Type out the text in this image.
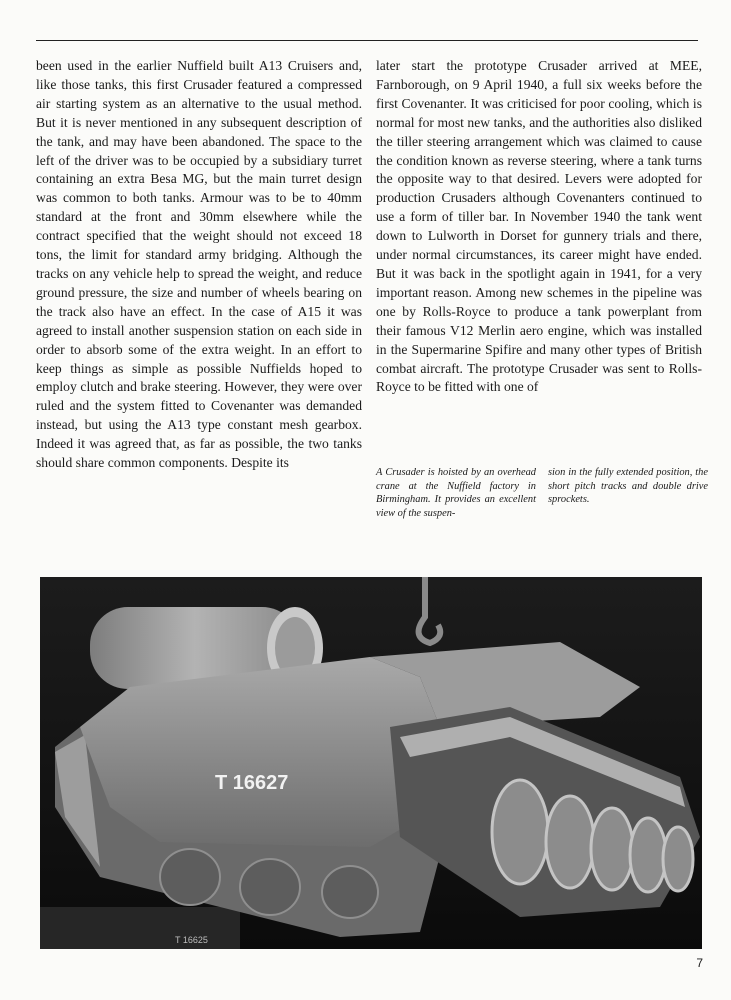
been used in the earlier Nuffield built A13 Cruisers and, like those tanks, this first Crusader featured a compressed air starting system as an alternative to the usual method. But it is never mentioned in any subsequent description of the tank, and may have been abandoned. The space to the left of the driver was to be occupied by a subsidiary turret containing an extra Besa MG, but the main turret design was common to both tanks. Armour was to be to 40mm standard at the front and 30mm elsewhere while the contract specified that the weight should not exceed 18 tons, the limit for standard army bridging. Although the tracks on any vehicle help to spread the weight, and reduce ground pressure, the size and number of wheels bearing on the track also have an effect. In the case of A15 it was agreed to install another suspension station on each side in order to absorb some of the extra weight. In an effort to keep things as simple as possible Nuffields hoped to employ clutch and brake steering. However, they were over ruled and the system fitted to Covenanter was demanded instead, but using the A13 type constant mesh gearbox. Indeed it was agreed that, as far as possible, the two tanks should share common components. Despite its
later start the prototype Crusader arrived at MEE, Farnborough, on 9 April 1940, a full six weeks before the first Covenanter. It was criticised for poor cooling, which is normal for most new tanks, and the authorities also disliked the tiller steering arrangement which was claimed to cause the condition known as reverse steering, where a tank turns the opposite way to that desired. Levers were adopted for production Crusaders although Covenanters continued to use a form of tiller bar. In November 1940 the tank went down to Lulworth in Dorset for gunnery trials and there, under normal circumstances, its career might have ended. But it was back in the spotlight again in 1941, for a very important reason. Among new schemes in the pipeline was one by Rolls-Royce to produce a tank powerplant from their famous V12 Merlin aero engine, which was installed in the Supermarine Spifire and many other types of British combat aircraft. The prototype Crusader was sent to Rolls-Royce to be fitted with one of
A Crusader is hoisted by an overhead crane at the Nuffield factory in Birmingham. It provides an excellent view of the suspen-
sion in the fully extended position, the short pitch tracks and double drive sprockets.
T 16627
T 16625
7
